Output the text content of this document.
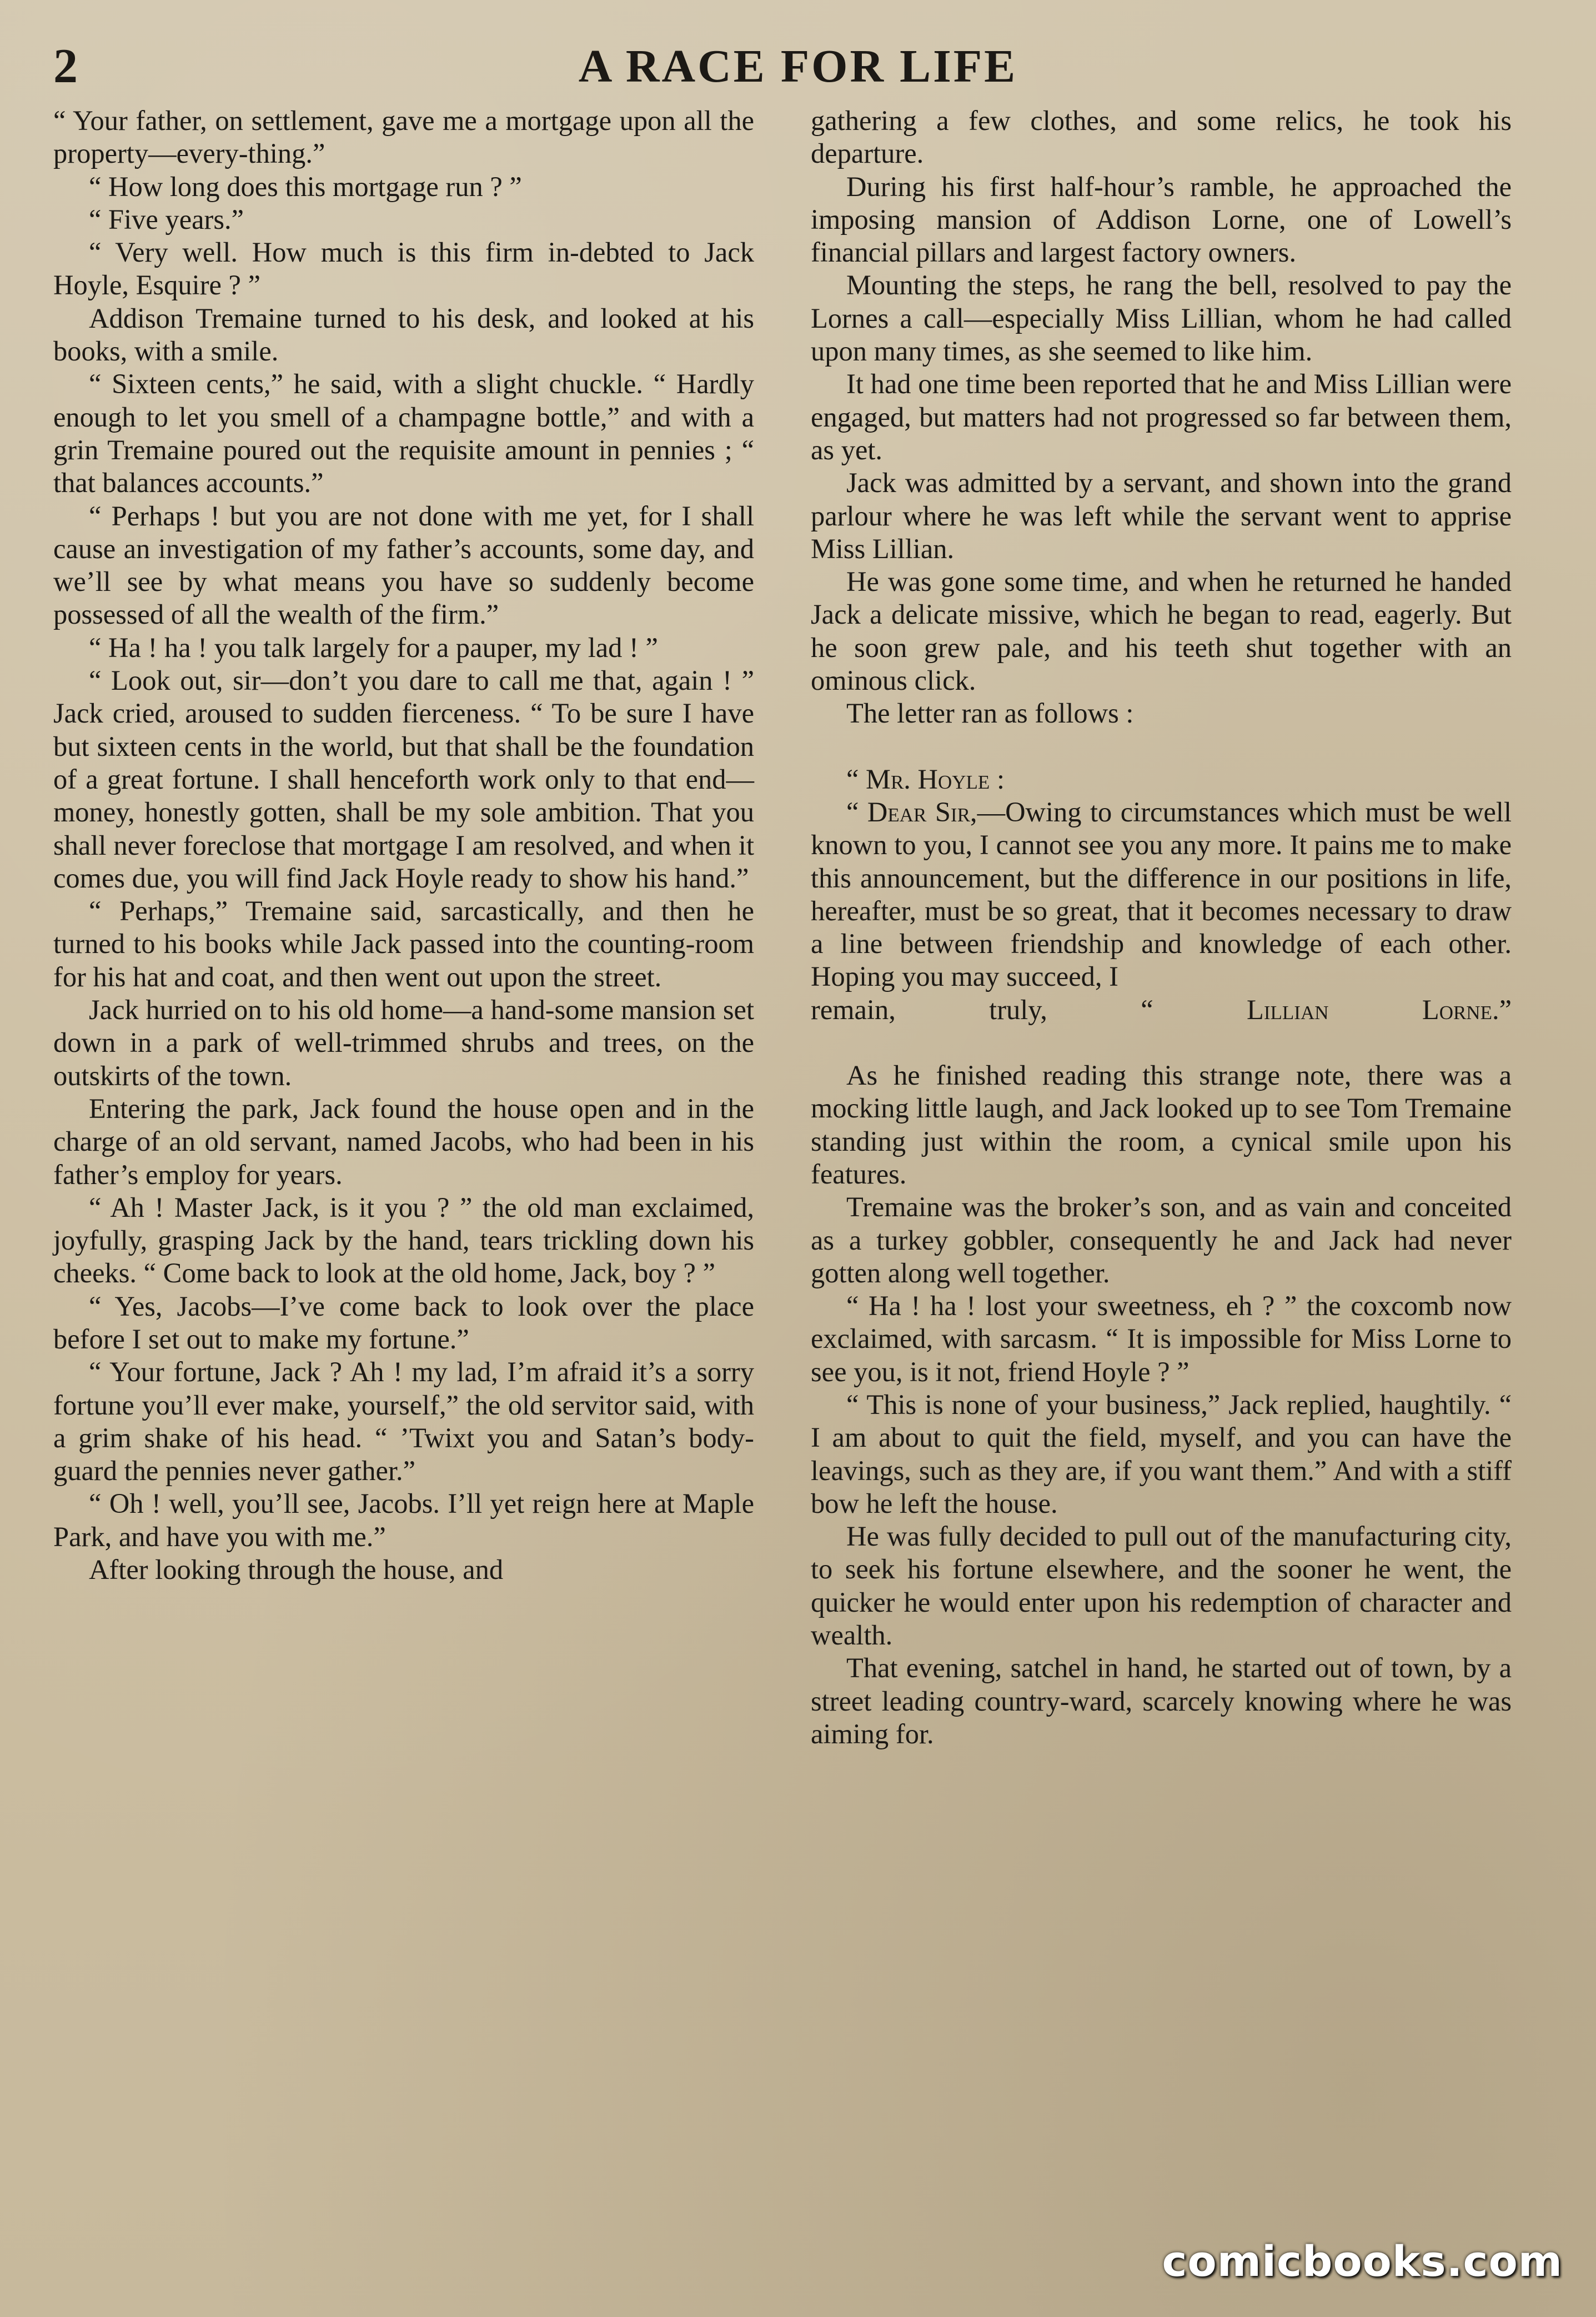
2	A RACE FOR LIFE

“ Your father, on settlement, gave me a mortgage upon all the property—every-thing.”

“ How long does this mortgage run ? ”

“ Five years.”

“ Very well. How much is this firm in-debted to Jack Hoyle, Esquire ? ”

Addison Tremaine turned to his desk, and looked at his books, with a smile.

“ Sixteen cents,” he said, with a slight chuckle. “ Hardly enough to let you smell of a champagne bottle,” and with a grin Tremaine poured out the requisite amount in pennies ; “ that balances accounts.”

“ Perhaps ! but you are not done with me yet, for I shall cause an investigation of my father’s accounts, some day, and we’ll see by what means you have so suddenly become possessed of all the wealth of the firm.”

“ Ha ! ha ! you talk largely for a pauper, my lad ! ”

“ Look out, sir—don’t you dare to call me that, again ! ” Jack cried, aroused to sudden fierceness. “ To be sure I have but sixteen cents in the world, but that shall be the foundation of a great fortune. I shall henceforth work only to that end—money, honestly gotten, shall be my sole ambition. That you shall never foreclose that mortgage I am resolved, and when it comes due, you will find Jack Hoyle ready to show his hand.”

“ Perhaps,” Tremaine said, sarcastically, and then he turned to his books while Jack passed into the counting-room for his hat and coat, and then went out upon the street.

Jack hurried on to his old home—a hand-some mansion set down in a park of well-trimmed shrubs and trees, on the outskirts of the town.

Entering the park, Jack found the house open and in the charge of an old servant, named Jacobs, who had been in his father’s employ for years.

“ Ah ! Master Jack, is it you ? ” the old man exclaimed, joyfully, grasping Jack by the hand, tears trickling down his cheeks. “ Come back to look at the old home, Jack, boy ? ”

“ Yes, Jacobs—I’ve come back to look over the place before I set out to make my fortune.”

“ Your fortune, Jack ? Ah ! my lad, I’m afraid it’s a sorry fortune you’ll ever make, yourself,” the old servitor said, with a grim shake of his head. “ ’Twixt you and Satan’s body-guard the pennies never gather.”

“ Oh ! well, you’ll see, Jacobs. I’ll yet reign here at Maple Park, and have you with me.”

After looking through the house, and

gathering a few clothes, and some relics, he took his departure.

During his first half-hour’s ramble, he approached the imposing mansion of Addison Lorne, one of Lowell’s financial pillars and largest factory owners.

Mounting the steps, he rang the bell, resolved to pay the Lornes a call—especially Miss Lillian, whom he had called upon many times, as she seemed to like him.

It had one time been reported that he and Miss Lillian were engaged, but matters had not progressed so far between them, as yet.

Jack was admitted by a servant, and shown into the grand parlour where he was left while the servant went to apprise Miss Lillian.

He was gone some time, and when he returned he handed Jack a delicate missive, which he began to read, eagerly. But he soon grew pale, and his teeth shut together with an ominous click.

The letter ran as follows :

“ Mr. Hoyle :

“ Dear Sir,—Owing to circumstances which must be well known to you, I cannot see you any more. It pains me to make this announcement, but the difference in our positions in life, hereafter, must be so great, that it becomes necessary to draw a line between friendship and knowledge of each other. Hoping you may succeed, I

remain, truly,	“ Lillian Lorne.”

As he finished reading this strange note, there was a mocking little laugh, and Jack looked up to see Tom Tremaine standing just within the room, a cynical smile upon his features.

Tremaine was the broker’s son, and as vain and conceited as a turkey gobbler, consequently he and Jack had never gotten along well together.

“ Ha ! ha ! lost your sweetness, eh ? ” the coxcomb now exclaimed, with sarcasm. “ It is impossible for Miss Lorne to see you, is it not, friend Hoyle ? ”

“ This is none of your business,” Jack replied, haughtily. “ I am about to quit the field, myself, and you can have the leavings, such as they are, if you want them.” And with a stiff bow he left the house.

He was fully decided to pull out of the manufacturing city, to seek his fortune elsewhere, and the sooner he went, the quicker he would enter upon his redemption of character and wealth.

That evening, satchel in hand, he started out of town, by a street leading country-ward, scarcely knowing where he was aiming for.

comicbooks.com
